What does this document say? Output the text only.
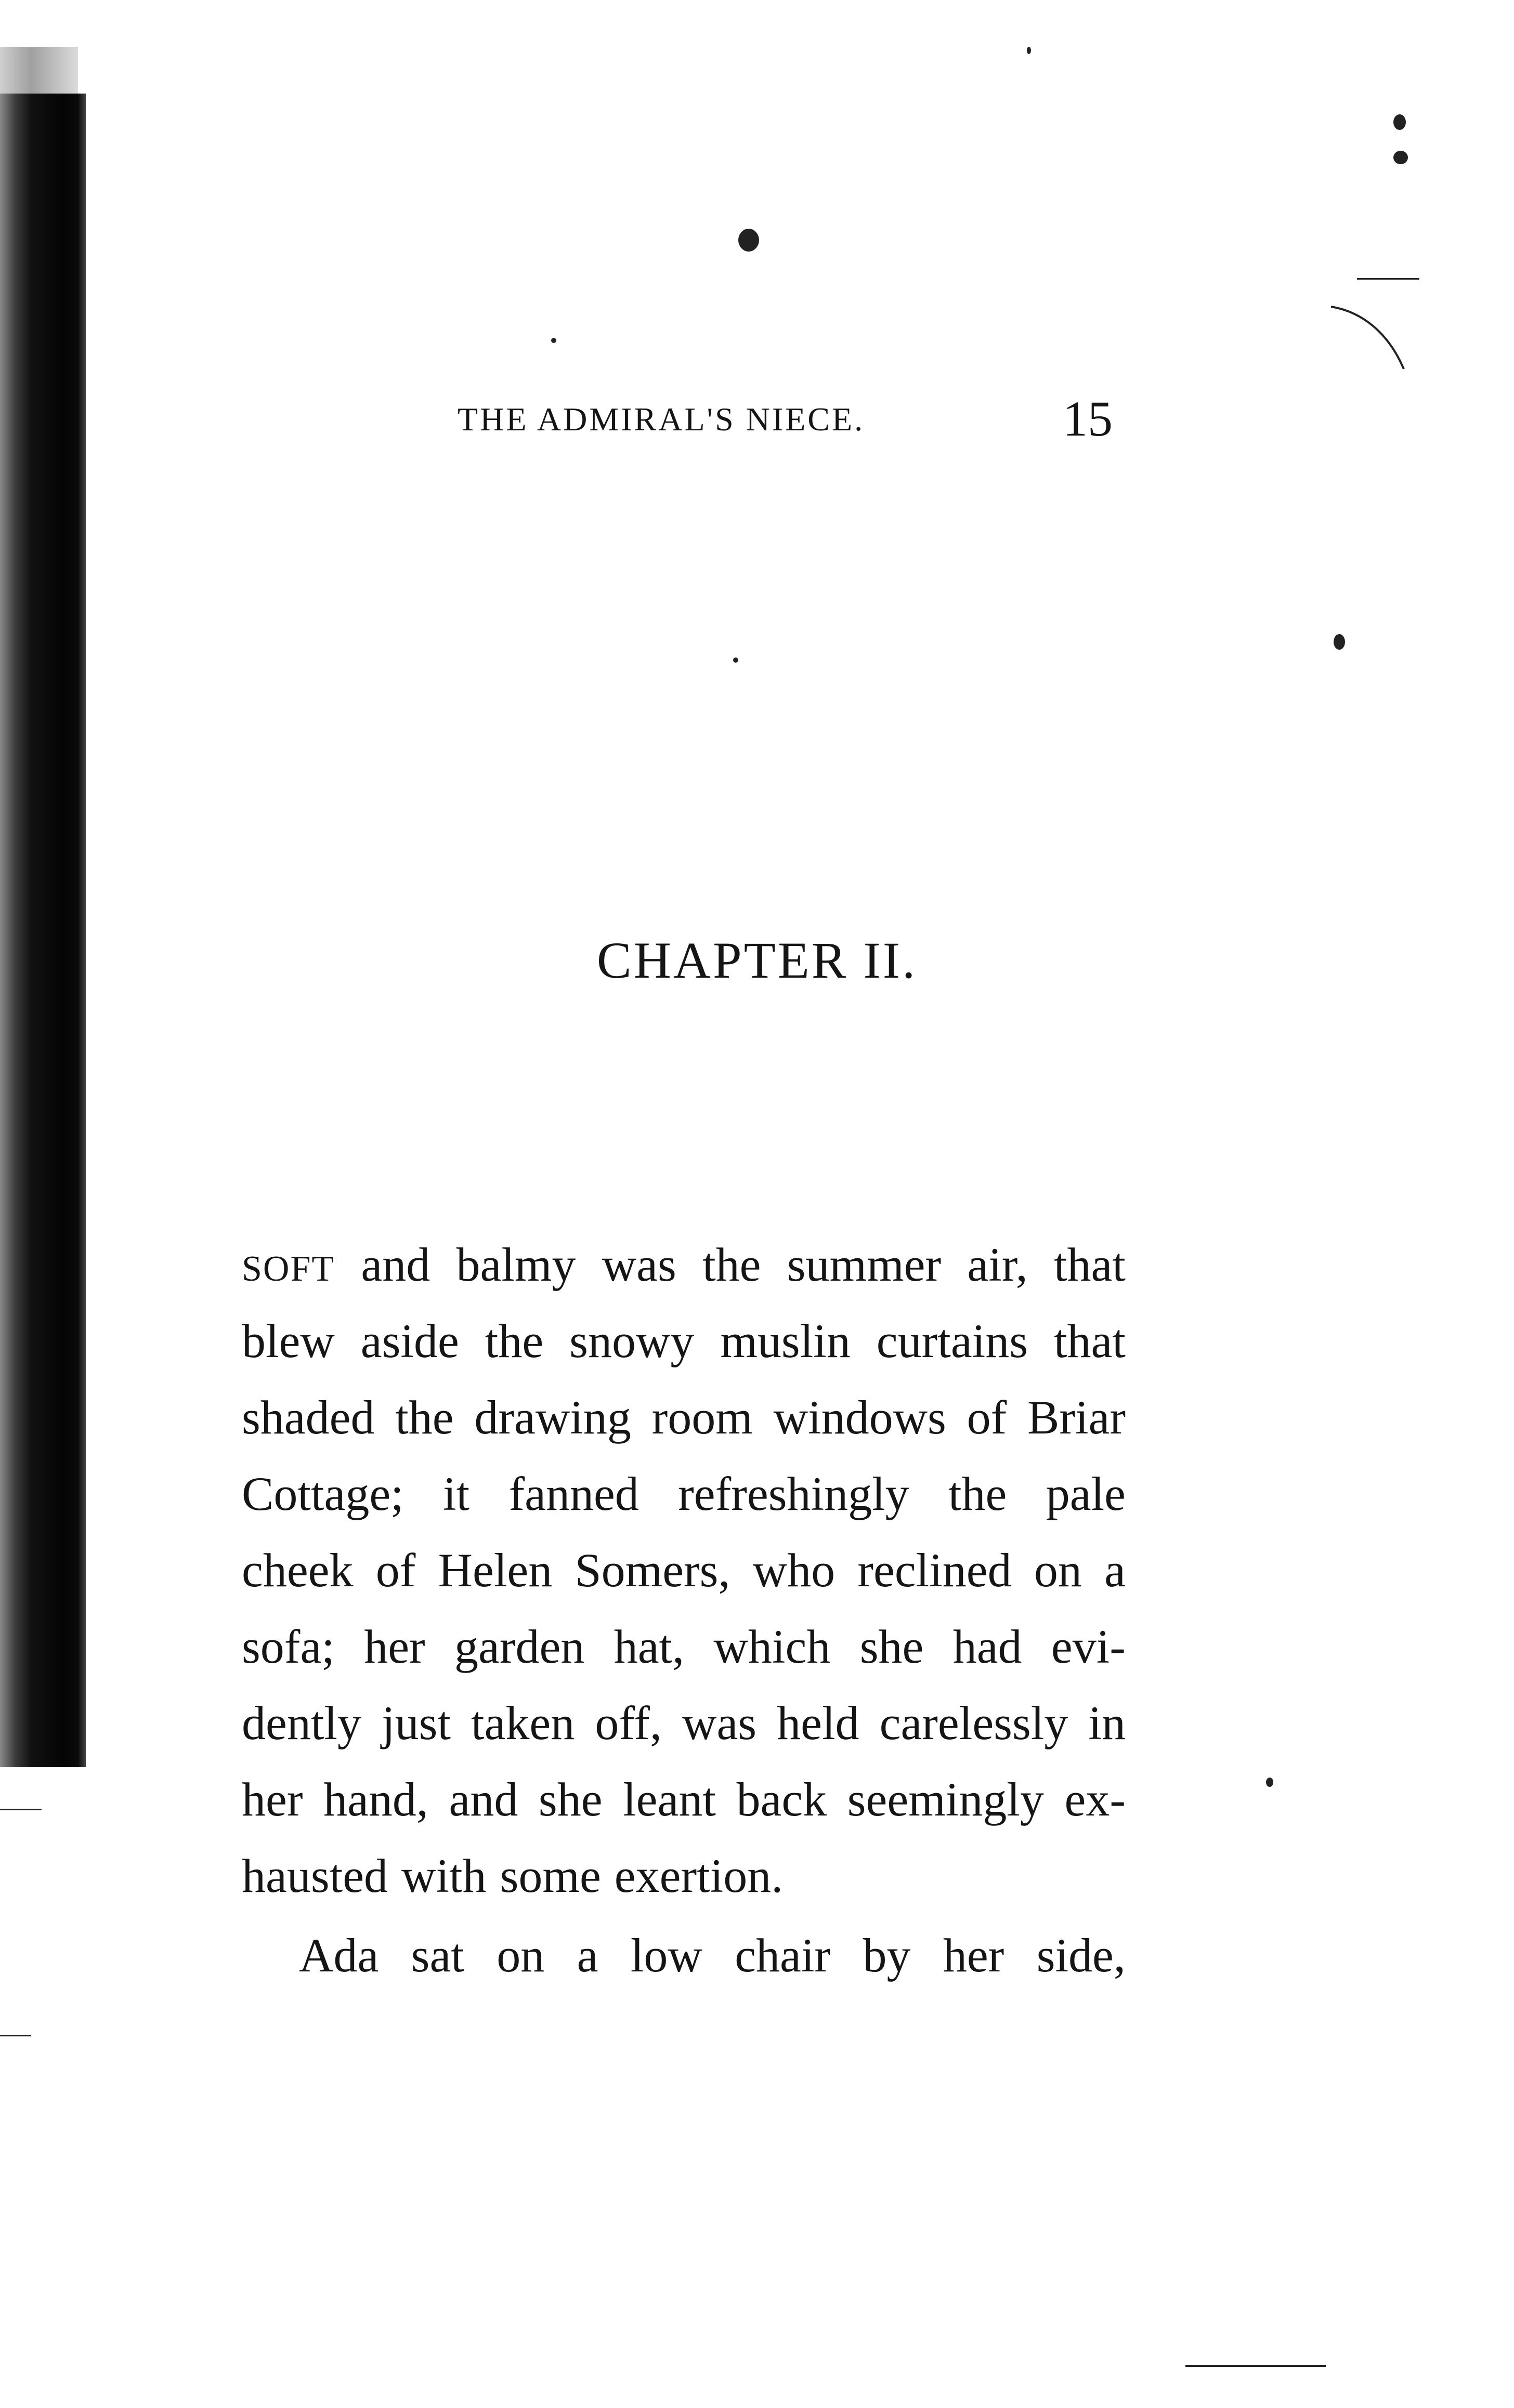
THE ADMIRAL'S NIECE.	15
CHAPTER II.
SOFT and balmy was the summer air, that
blew aside the snowy muslin curtains that
shaded the drawing room windows of Briar
Cottage; it fanned refreshingly the pale
cheek of Helen Somers, who reclined on a
sofa; her garden hat, which she had evi-
dently just taken off, was held carelessly in
her hand, and she leant back seemingly ex-
hausted with some exertion.
Ada sat on a low chair by her side,
